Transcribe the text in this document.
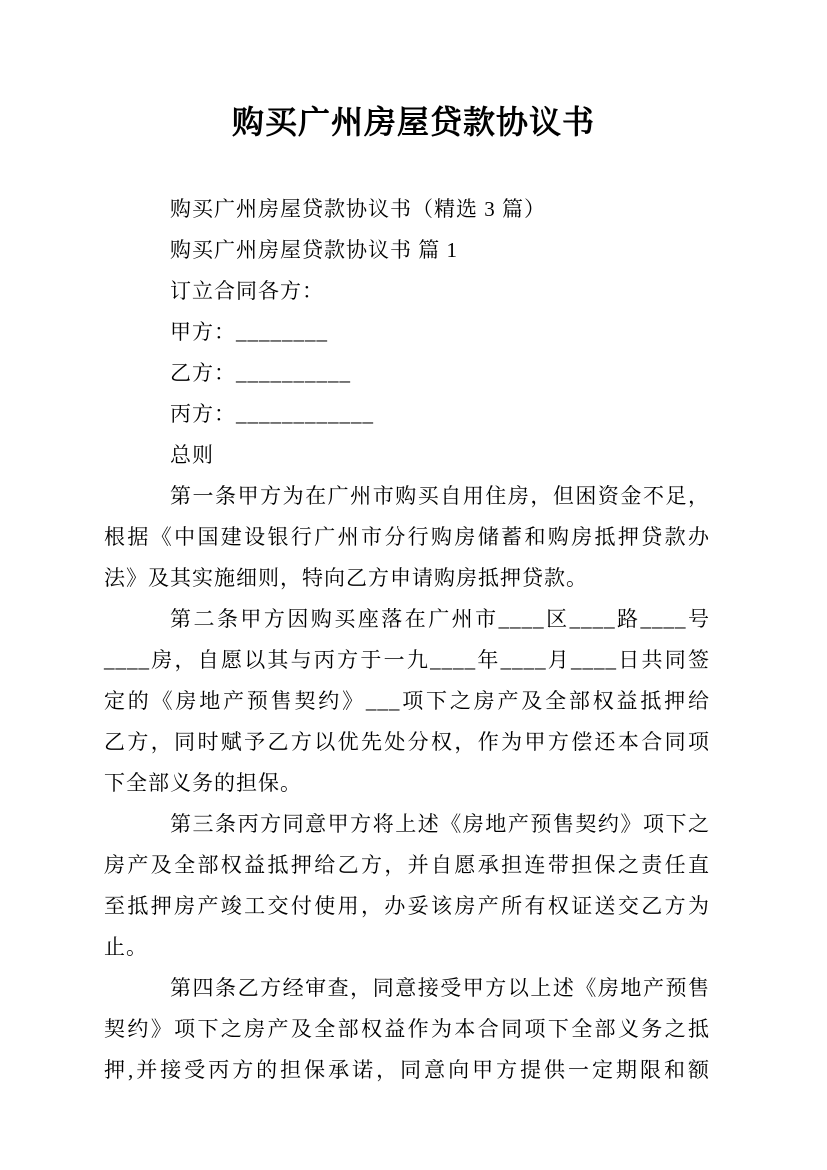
购买广州房屋贷款协议书
购买广州房屋贷款协议书（精选 3 篇）
购买广州房屋贷款协议书 篇 1
订立合同各方：
甲方：________
乙方：__________
丙方：____________
总则
第一条甲方为在广州市购买自用住房，但困资金不足，
根据《中国建设银行广州市分行购房储蓄和购房抵押贷款办
法》及其实施细则，特向乙方申请购房抵押贷款。
第二条甲方因购买座落在广州市____区____路____号
____房，自愿以其与丙方于一九____年____月____日共同签
定的《房地产预售契约》___项下之房产及全部权益抵押给
乙方，同时赋予乙方以优先处分权，作为甲方偿还本合同项
下全部义务的担保。
第三条丙方同意甲方将上述《房地产预售契约》项下之
房产及全部权益抵押给乙方，并自愿承担连带担保之责任直
至抵押房产竣工交付使用，办妥该房产所有权证送交乙方为
止。
第四条乙方经审查，同意接受甲方以上述《房地产预售
契约》项下之房产及全部权益作为本合同项下全部义务之抵
押,并接受丙方的担保承诺，同意向甲方提供一定期限和额
